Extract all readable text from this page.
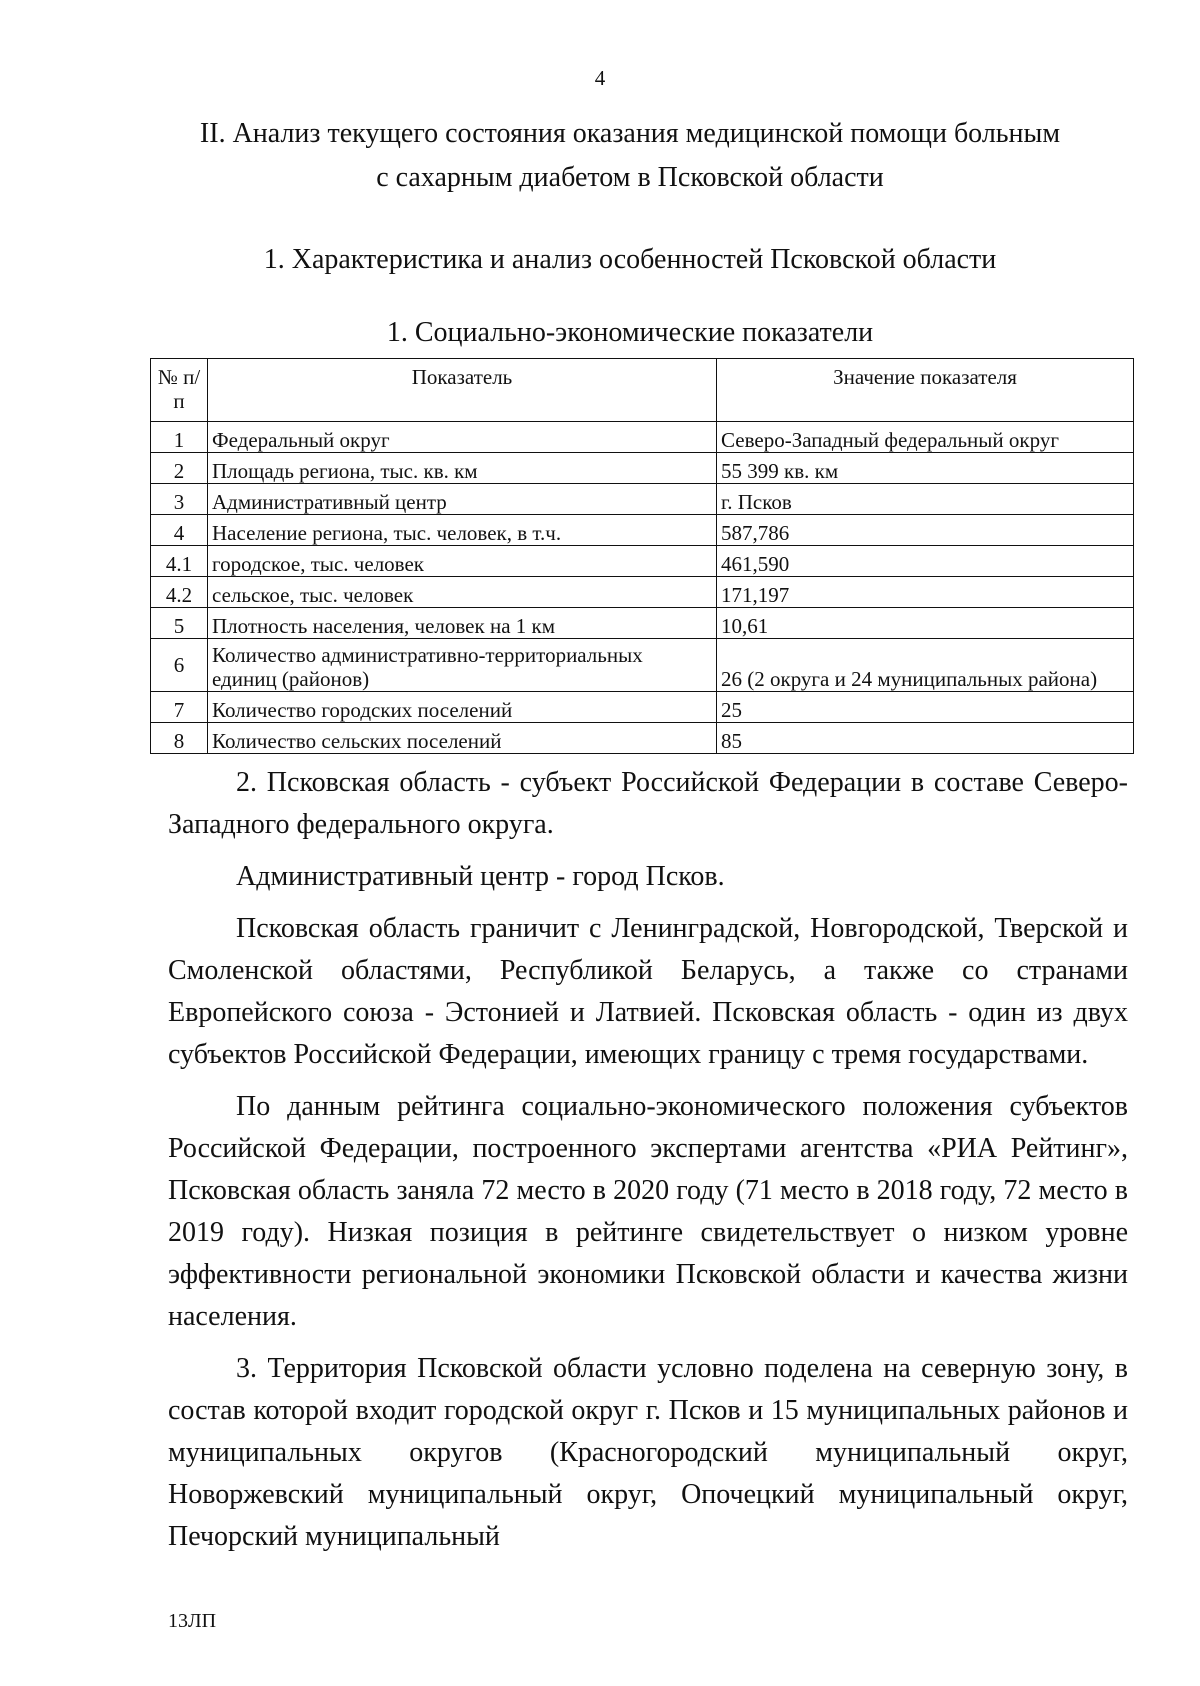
4
II. Анализ текущего состояния оказания медицинской помощи больным
с сахарным диабетом в Псковской области
1. Характеристика и анализ особенностей Псковской области
1. Социально-экономические показатели
№ п/п	Показатель	Значение показателя
1	Федеральный округ	Северо-Западный федеральный округ
2	Площадь региона, тыс. кв. км	55 399 кв. км
3	Административный центр	г. Псков
4	Население региона, тыс. человек, в т.ч.	587,786
4.1	городское, тыс. человек	461,590
4.2	сельское, тыс. человек	171,197
5	Плотность населения, человек на 1 км	10,61
6	Количество административно-территориальных единиц (районов)	26 (2 округа и 24 муниципальных района)
7	Количество городских поселений	25
8	Количество сельских поселений	85

2. Псковская область - субъект Российской Федерации в составе Северо-Западного федерального округа.

Административный центр - город Псков.

Псковская область граничит с Ленинградской, Новгородской, Тверской и Смоленской областями, Республикой Беларусь, а также со странами Европейского союза - Эстонией и Латвией. Псковская область - один из двух субъектов Российской Федерации, имеющих границу с тремя государствами.

По данным рейтинга социально-экономического положения субъектов Российской Федерации, построенного экспертами агентства «РИА Рейтинг», Псковская область заняла 72 место в 2020 году (71 место в 2018 году, 72 место в 2019 году). Низкая позиция в рейтинге свидетельствует о низком уровне эффективности региональной экономики Псковской области и качества жизни населения.

3. Территория Псковской области условно поделена на северную зону, в состав которой входит городской округ г. Псков и 15 муниципальных районов и муниципальных округов (Красногородский муниципальный округ, Новоржевский муниципальный округ, Опочецкий муниципальный округ, Печорский муниципальный

13ЛП
